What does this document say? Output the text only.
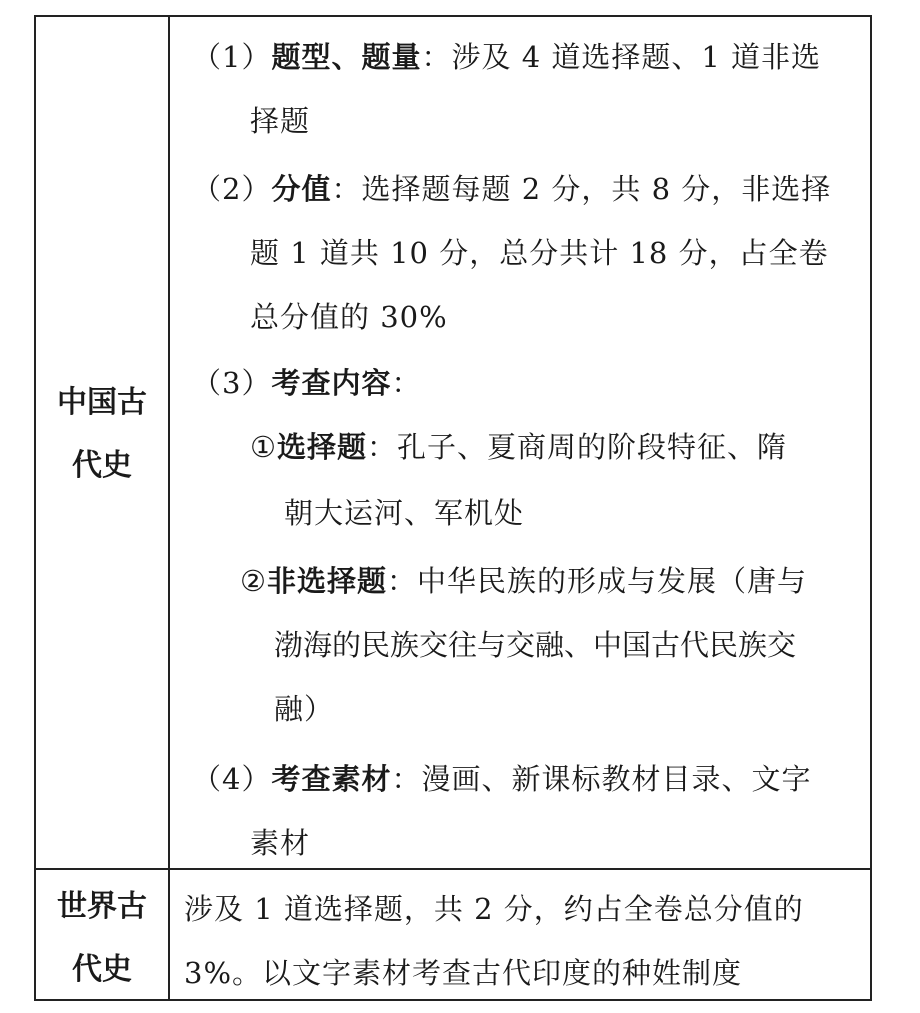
中国古
代史
世界古
代史
（1）题型、题量：涉及 4 道选择题、1 道非选
择题
（2）分值：选择题每题 2 分，共 8 分，非选择
题 1 道共 10 分，总分共计 18 分，占全卷
总分值的 30%
（3）考查内容：
①选择题：孔子、夏商周的阶段特征、隋
朝大运河、军机处
②非选择题：中华民族的形成与发展（唐与
渤海的民族交往与交融、中国古代民族交
融）
（4）考查素材：漫画、新课标教材目录、文字
素材
涉及 1 道选择题，共 2 分，约占全卷总分值的
3%。以文字素材考查古代印度的种姓制度
